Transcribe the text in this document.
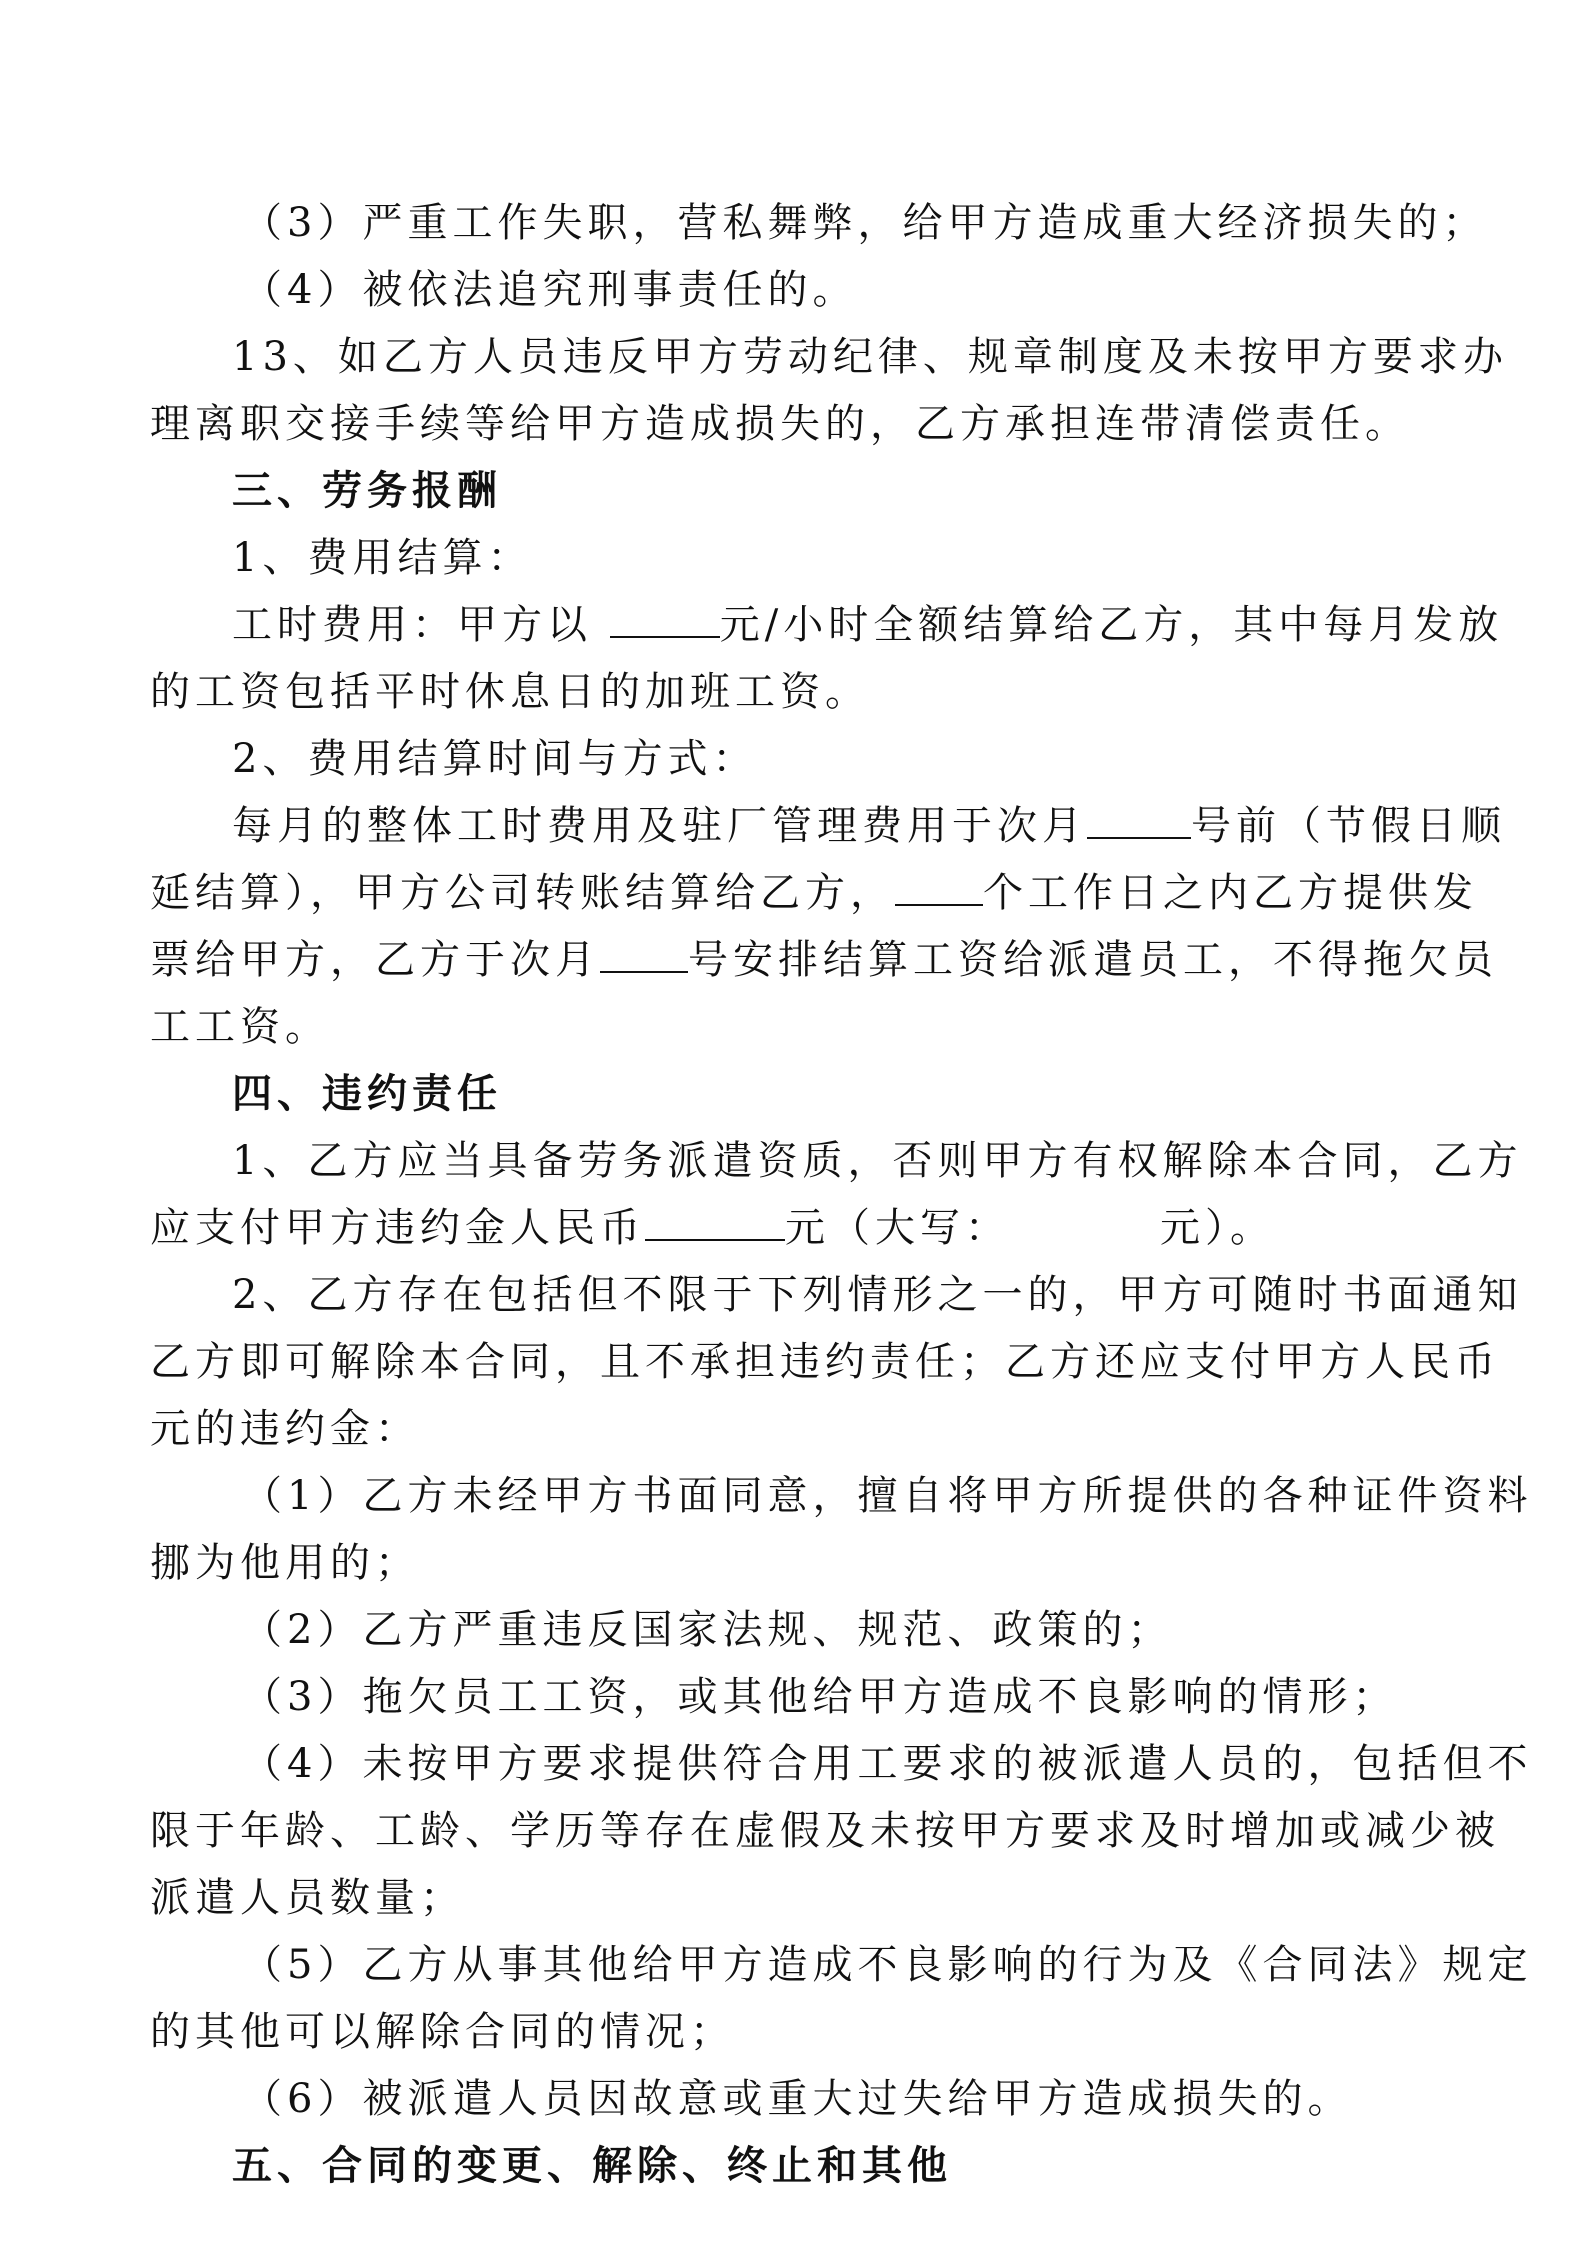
（3）严重工作失职，营私舞弊，给甲方造成重大经济损失的；
（4）被依法追究刑事责任的。
13、如乙方人员违反甲方劳动纪律、规章制度及未按甲方要求办
理离职交接手续等给甲方造成损失的，乙方承担连带清偿责任。
三、劳务报酬
1、费用结算：
工时费用：甲方以	元/小时全额结算给乙方，其中每月发放
的工资包括平时休息日的加班工资。
2、费用结算时间与方式：
每月的整体工时费用及驻厂管理费用于次月	号前（节假日顺
延结算），甲方公司转账结算给乙方， 个工作日之内乙方提供发
票给甲方，乙方于次月 号安排结算工资给派遣员工，不得拖欠员
工工资。
四、违约责任
1、乙方应当具备劳务派遣资质，否则甲方有权解除本合同，乙方
应支付甲方违约金人民币	元（大写：	元）。
2、乙方存在包括但不限于下列情形之一的，甲方可随时书面通知
乙方即可解除本合同，且不承担违约责任；乙方还应支付甲方人民币
元的违约金：
（1）乙方未经甲方书面同意，擅自将甲方所提供的各种证件资料
挪为他用的；
（2）乙方严重违反国家法规、规范、政策的；
（3）拖欠员工工资，或其他给甲方造成不良影响的情形；
（4）未按甲方要求提供符合用工要求的被派遣人员的，包括但不
限于年龄、工龄、学历等存在虚假及未按甲方要求及时增加或减少被
派遣人员数量；
（5）乙方从事其他给甲方造成不良影响的行为及《合同法》规定
的其他可以解除合同的情况；
（6）被派遣人员因故意或重大过失给甲方造成损失的。
五、合同的变更、解除、终止和其他
